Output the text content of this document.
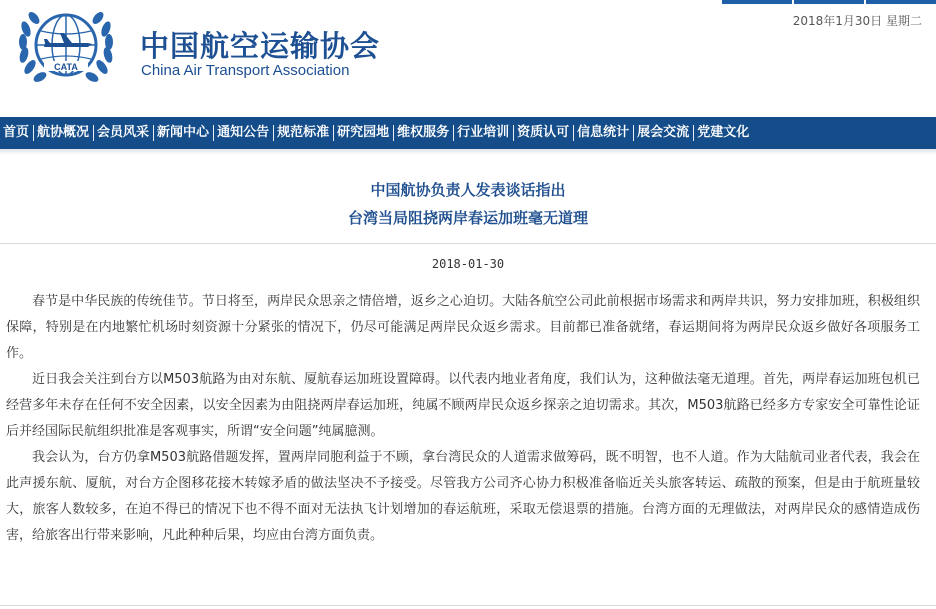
CATA
中国航空运输协会
China Air Transport Association
2018年1月30日 星期二
首页 航协概况 会员风采 新闻中心 通知公告 规范标准 研究园地 维权服务 行业培训 资质认可 信息统计 展会交流 党建文化
中国航协负责人发表谈话指出
台湾当局阻挠两岸春运加班毫无道理
2018-01-30

春节是中华民族的传统佳节。节日将至，两岸民众思亲之情倍增，返乡之心迫切。大陆各航空公司此前根据市场需求和两岸共识，努力安排加班，积极组织保障，特别是在内地繁忙机场时刻资源十分紧张的情况下，仍尽可能满足两岸民众返乡需求。目前都已准备就绪，春运期间将为两岸民众返乡做好各项服务工作。

近日我会关注到台方以M503航路为由对东航、厦航春运加班设置障碍。以代表内地业者角度，我们认为，这种做法毫无道理。首先，两岸春运加班包机已经营多年未存在任何不安全因素，以安全因素为由阻挠两岸春运加班，纯属不顾两岸民众返乡探亲之迫切需求。其次，M503航路已经多方专家安全可靠性论证后并经国际民航组织批准是客观事实，所谓“安全问题”纯属臆测。

我会认为，台方仍拿M503航路借题发挥，置两岸同胞利益于不顾，拿台湾民众的人道需求做筹码，既不明智，也不人道。作为大陆航司业者代表，我会在此声援东航、厦航，对台方企图移花接木转嫁矛盾的做法坚决不予接受。尽管我方公司齐心协力积极准备临近关头旅客转运、疏散的预案，但是由于航班量较大，旅客人数较多，在迫不得已的情况下也不得不面对无法执飞计划增加的春运航班，采取无偿退票的措施。台湾方面的无理做法，对两岸民众的感情造成伤害，给旅客出行带来影响，凡此种种后果，均应由台湾方面负责。
